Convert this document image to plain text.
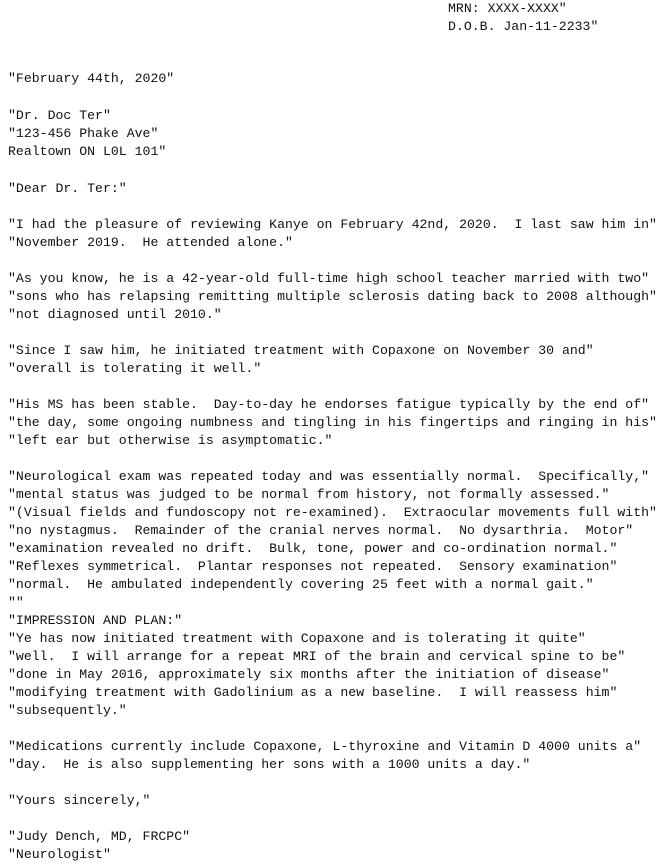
MRN: XXXX-XXXX"
D.O.B. Jan-11-2233"
"February 44th, 2020"
"Dr. Doc Ter"
"123-456 Phake Ave"
Realtown ON L0L 101"
"Dear Dr. Ter:"
"I had the pleasure of reviewing Kanye on February 42nd, 2020.  I last saw him in"
"November 2019.  He attended alone."
"As you know, he is a 42-year-old full-time high school teacher married with two"
"sons who has relapsing remitting multiple sclerosis dating back to 2008 although"
"not diagnosed until 2010."
"Since I saw him, he initiated treatment with Copaxone on November 30 and"
"overall is tolerating it well."
"His MS has been stable.  Day-to-day he endorses fatigue typically by the end of"
"the day, some ongoing numbness and tingling in his fingertips and ringing in his"
"left ear but otherwise is asymptomatic."
"Neurological exam was repeated today and was essentially normal.  Specifically,"
"mental status was judged to be normal from history, not formally assessed."
"(Visual fields and fundoscopy not re-examined).  Extraocular movements full with"
"no nystagmus.  Remainder of the cranial nerves normal.  No dysarthria.  Motor"
"examination revealed no drift.  Bulk, tone, power and co-ordination normal."
"Reflexes symmetrical.  Plantar responses not repeated.  Sensory examination"
"normal.  He ambulated independently covering 25 feet with a normal gait."
""
"IMPRESSION AND PLAN:"
"Ye has now initiated treatment with Copaxone and is tolerating it quite"
"well.  I will arrange for a repeat MRI of the brain and cervical spine to be"
"done in May 2016, approximately six months after the initiation of disease"
"modifying treatment with Gadolinium as a new baseline.  I will reassess him"
"subsequently."
"Medications currently include Copaxone, L-thyroxine and Vitamin D 4000 units a"
"day.  He is also supplementing her sons with a 1000 units a day."
"Yours sincerely,"
"Judy Dench, MD, FRCPC"
"Neurologist"
